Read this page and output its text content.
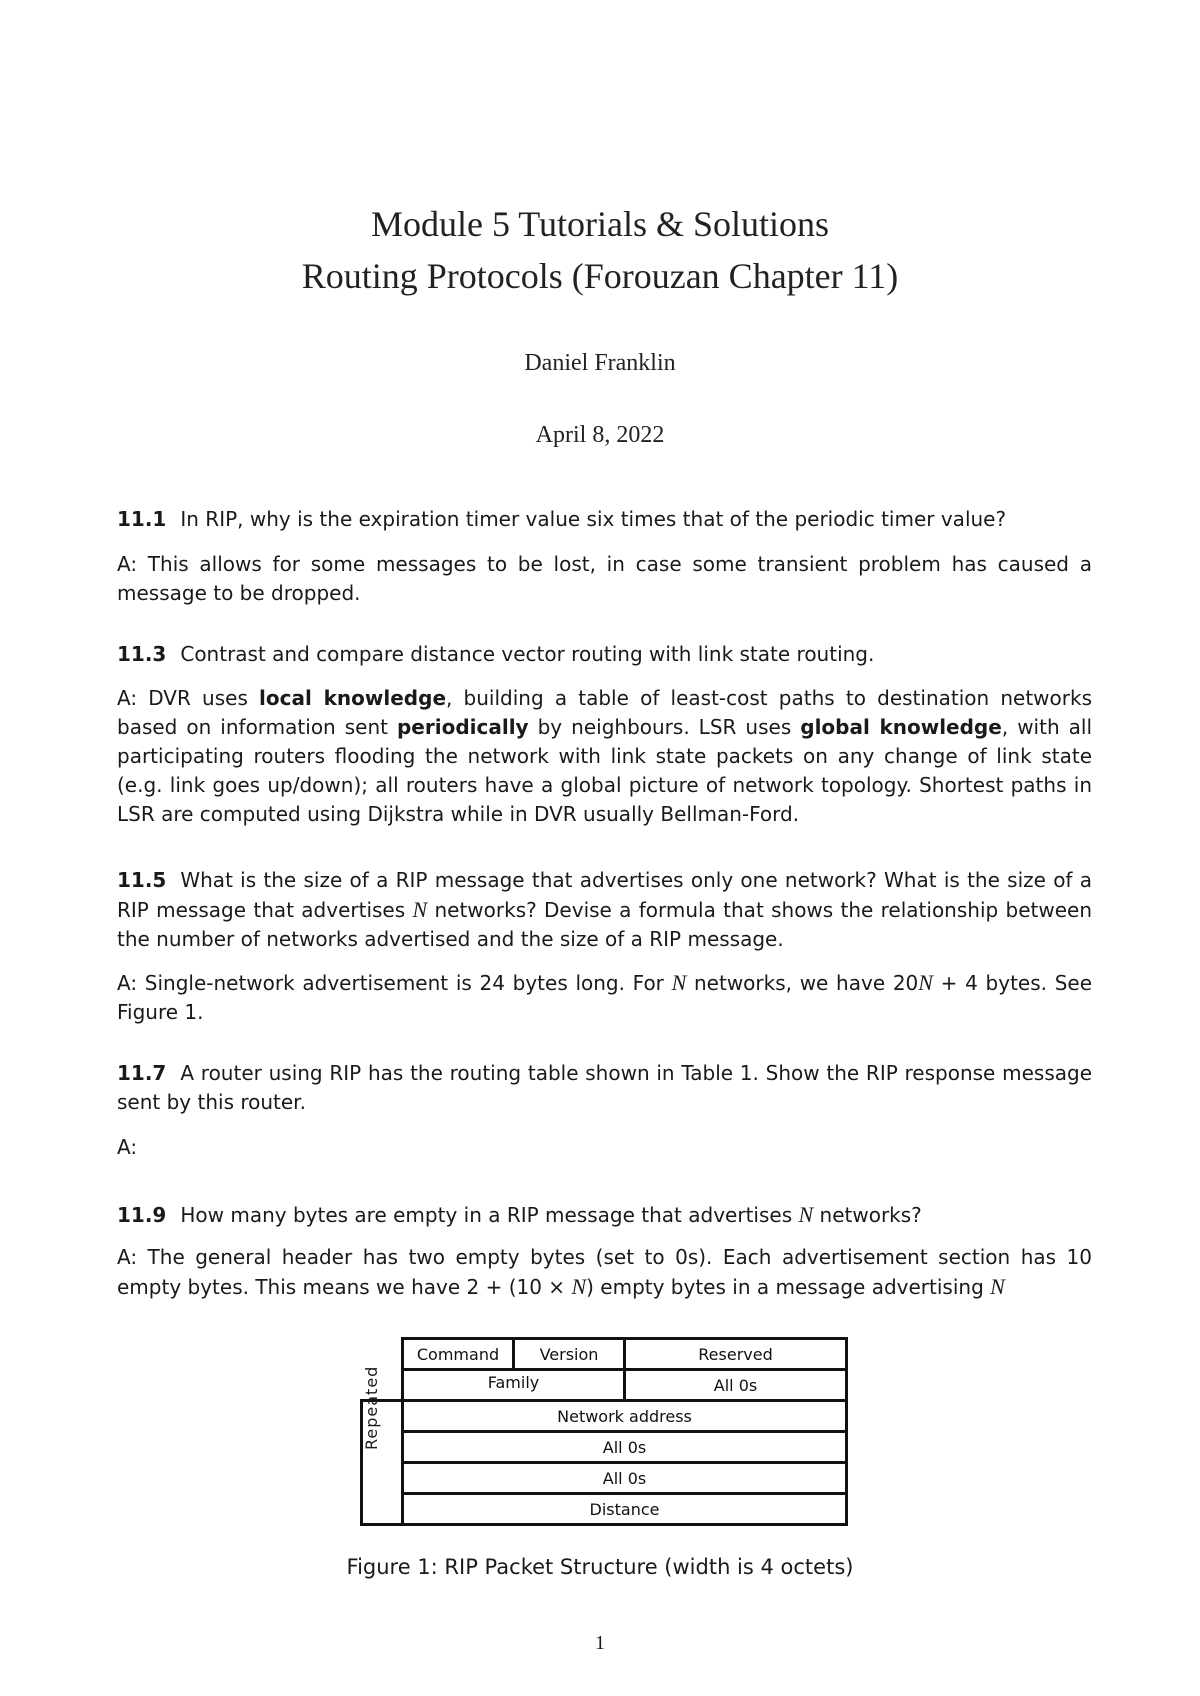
Module 5 Tutorials & Solutions
Routing Protocols (Forouzan Chapter 11)
Daniel Franklin
April 8, 2022
11.1 In RIP, why is the expiration timer value six times that of the periodic timer value?
A: This allows for some messages to be lost, in case some transient problem has caused a message to be dropped.
11.3 Contrast and compare distance vector routing with link state routing.
A: DVR uses local knowledge, building a table of least-cost paths to destination networks based on information sent periodically by neighbours. LSR uses global knowledge, with all participating routers flooding the network with link state packets on any change of link state (e.g. link goes up/down); all routers have a global picture of network topology. Shortest paths in LSR are computed using Dijkstra while in DVR usually Bellman-Ford.
11.5 What is the size of a RIP message that advertises only one network? What is the size of a RIP message that advertises N networks? Devise a formula that shows the relationship between the number of networks advertised and the size of a RIP message.
A: Single-network advertisement is 24 bytes long. For N networks, we have 20N + 4 bytes. See Figure 1.
11.7 A router using RIP has the routing table shown in Table 1. Show the RIP response message sent by this router.
A:
11.9 How many bytes are empty in a RIP message that advertises N networks?
A: The general header has two empty bytes (set to 0s). Each advertisement section has 10 empty bytes. This means we have 2 + (10 × N) empty bytes in a message advertising N
Command	Version	Reserved
Family	All 0s
Network address
All 0s
All 0s
Distance
Repeated
Figure 1: RIP Packet Structure (width is 4 octets)
1
